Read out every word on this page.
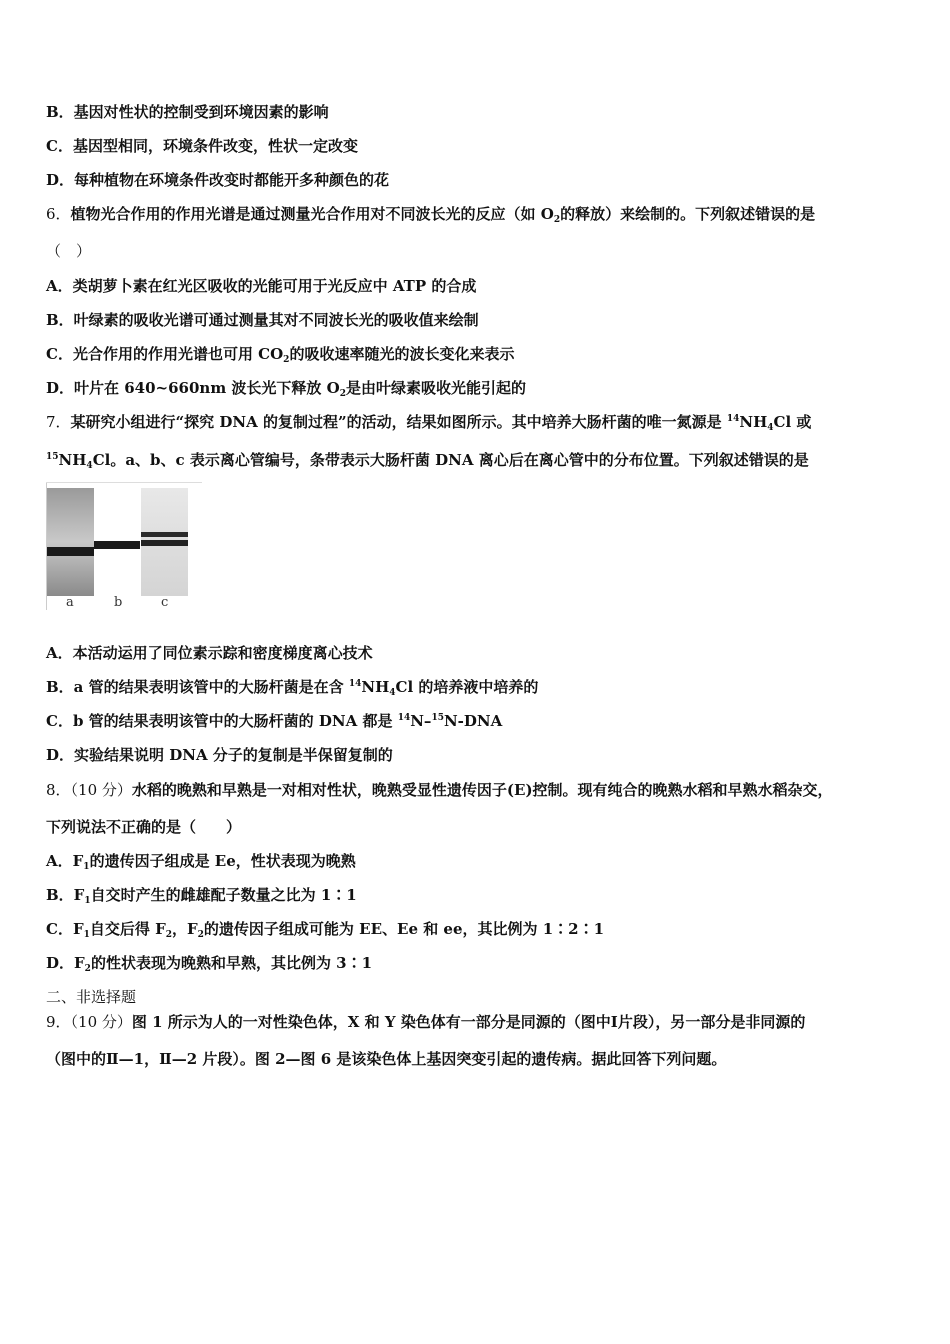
B．基因对性状的控制受到环境因素的影响
C．基因型相同，环境条件改变，性状一定改变
D．每种植物在环境条件改变时都能开多种颜色的花
6．植物光合作用的作用光谱是通过测量光合作用对不同波长光的反应（如 $O_2$的释放）来绘制的。下列叙述错误的是
（　）
A．类胡萝卜素在红光区吸收的光能可用于光反应中 ATP 的合成
B．叶绿素的吸收光谱可通过测量其对不同波长光的吸收值来绘制
C．光合作用的作用光谱也可用 $CO_2$的吸收速率随光的波长变化来表示
D．叶片在 640~660nm 波长光下释放 $O_2$是由叶绿素吸收光能引起的
7．某研究小组进行“探究 DNA 的复制过程”的活动，结果如图所示。其中培养大肠杆菌的唯一氮源是 $^{14}NH_4Cl$ 或
$^{15}NH_4Cl$。a、b、c 表示离心管编号，条带表示大肠杆菌 DNA 离心后在离心管中的分布位置。下列叙述错误的是
a	b	c
A．本活动运用了同位素示踪和密度梯度离心技术
B．a 管的结果表明该管中的大肠杆菌是在含 $^{14}NH_4Cl$ 的培养液中培养的
C．b 管的结果表明该管中的大肠杆菌的 DNA 都是 $^{14}$N–$^{15}$N-DNA
D．实验结果说明 DNA 分子的复制是半保留复制的
8．（10 分）水稻的晚熟和早熟是一对相对性状，晚熟受显性遗传因子(E)控制。现有纯合的晚熟水稻和早熟水稻杂交，
下列说法不正确的是（　　）
A．$F_1$的遗传因子组成是 Ee，性状表现为晚熟
B．$F_1$自交时产生的雌雄配子数量之比为 1∶1
C．$F_1$自交后得 $F_2$，$F_2$的遗传因子组成可能为 EE、Ee 和 ee，其比例为 1∶2∶1
D．$F_2$的性状表现为晚熟和早熟，其比例为 3∶1
二、非选择题
9．（10 分）图 1 所示为人的一对性染色体，X 和 Y 染色体有一部分是同源的（图中Ⅰ片段），另一部分是非同源的
（图中的Ⅱ—1，Ⅱ—2 片段）。图 2—图 6 是该染色体上基因突变引起的遗传病。据此回答下列问题。
